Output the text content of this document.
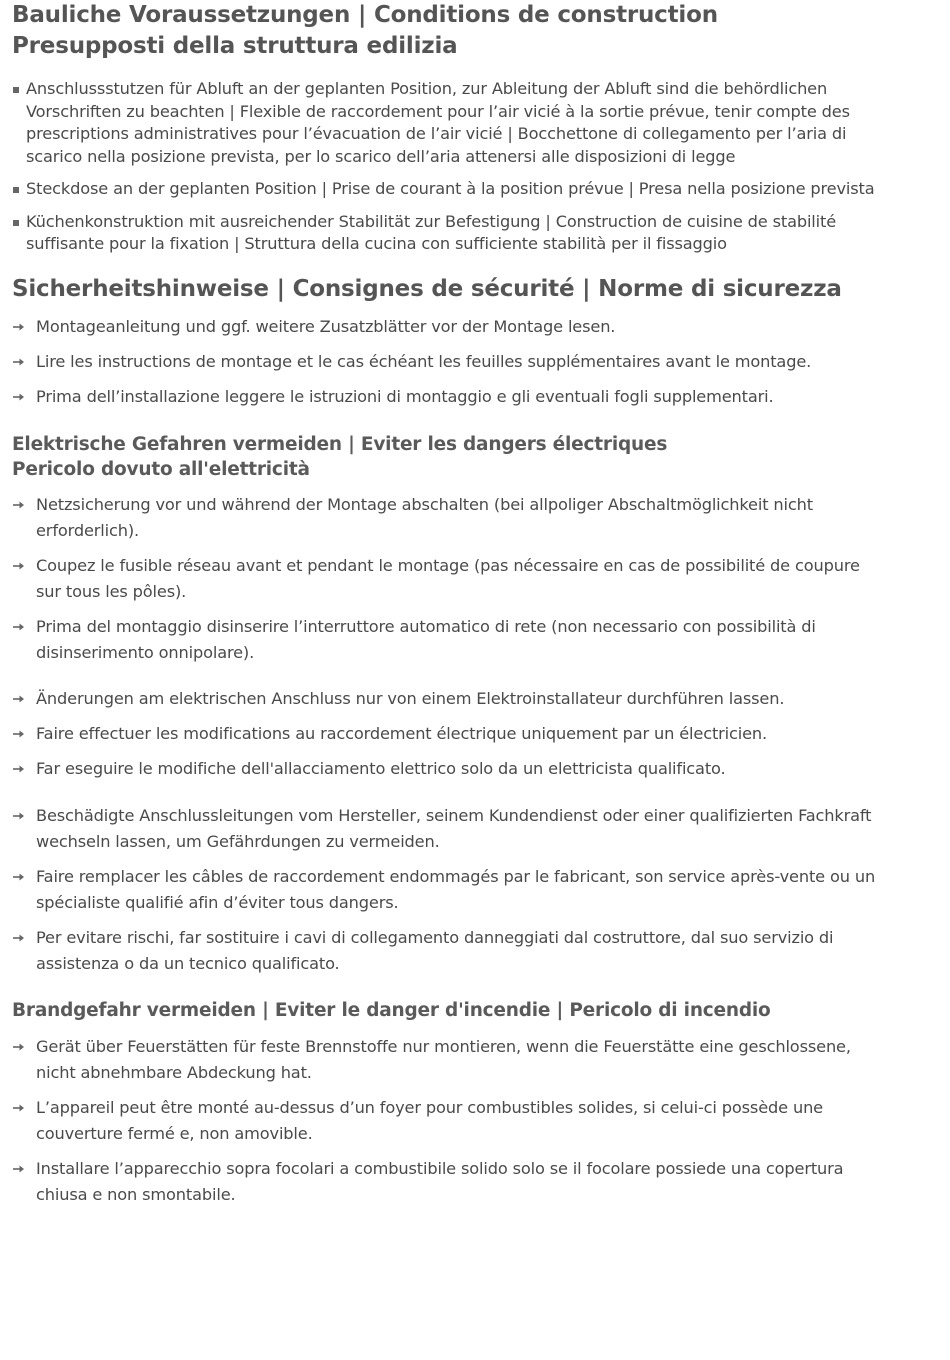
Bauliche Voraussetzungen | Conditions de construction
Presupposti della struttura edilizia
Anschlussstutzen für Abluft an der geplanten Position, zur Ableitung der Abluft sind die behördlichen Vorschriften zu beachten | Flexible de raccordement pour l’air vicié à la sortie prévue, tenir compte des prescriptions administratives pour l’évacuation de l’air vicié | Bocchettone di collegamento per l’aria di scarico nella posizione prevista, per lo scarico dell’aria attenersi alle disposizioni di legge
Steckdose an der geplanten Position | Prise de courant à la position prévue | Presa nella posizione prevista
Küchenkonstruktion mit ausreichender Stabilität zur Befestigung | Construction de cuisine de stabilité suffisante pour la fixation | Struttura della cucina con sufficiente stabilità per il fissaggio
Sicherheitshinweise | Consignes de sécurité | Norme di sicurezza
Montageanleitung und ggf. weitere Zusatzblätter vor der Montage lesen.
Lire les instructions de montage et le cas échéant les feuilles supplémentaires avant le montage.
Prima dell’installazione leggere le istruzioni di montaggio e gli eventuali fogli supplementari.
Elektrische Gefahren vermeiden | Eviter les dangers électriques
Pericolo dovuto all'elettricità
Netzsicherung vor und während der Montage abschalten (bei allpoliger Abschaltmöglichkeit nicht erforderlich).
Coupez le fusible réseau avant et pendant le montage (pas nécessaire en cas de possibilité de coupure sur tous les pôles).
Prima del montaggio disinserire l’interruttore automatico di rete (non necessario con possibilità di disinserimento onnipolare).
Änderungen am elektrischen Anschluss nur von einem Elektroinstallateur durchführen lassen.
Faire effectuer les modifications au raccordement électrique uniquement par un électricien.
Far eseguire le modifiche dell'allacciamento elettrico solo da un elettricista qualificato.
Beschädigte Anschlussleitungen vom Hersteller, seinem Kundendienst oder einer qualifizierten Fachkraft wechseln lassen, um Gefährdungen zu vermeiden.
Faire remplacer les câbles de raccordement endommagés par le fabricant, son service après-vente ou un spécialiste qualifié afin d’éviter tous dangers.
Per evitare rischi, far sostituire i cavi di collegamento danneggiati dal costruttore, dal suo servizio di assistenza o da un tecnico qualificato.
Brandgefahr vermeiden | Eviter le danger d'incendie | Pericolo di incendio
Gerät über Feuerstätten für feste Brennstoffe nur montieren, wenn die Feuerstätte eine geschlossene, nicht abnehmbare Abdeckung hat.
L’appareil peut être monté au-dessus d’un foyer pour combustibles solides, si celui-ci possède une couverture fermé e, non amovible.
Installare l’apparecchio sopra focolari a combustibile solido solo se il focolare possiede una copertura chiusa e non smontabile.
